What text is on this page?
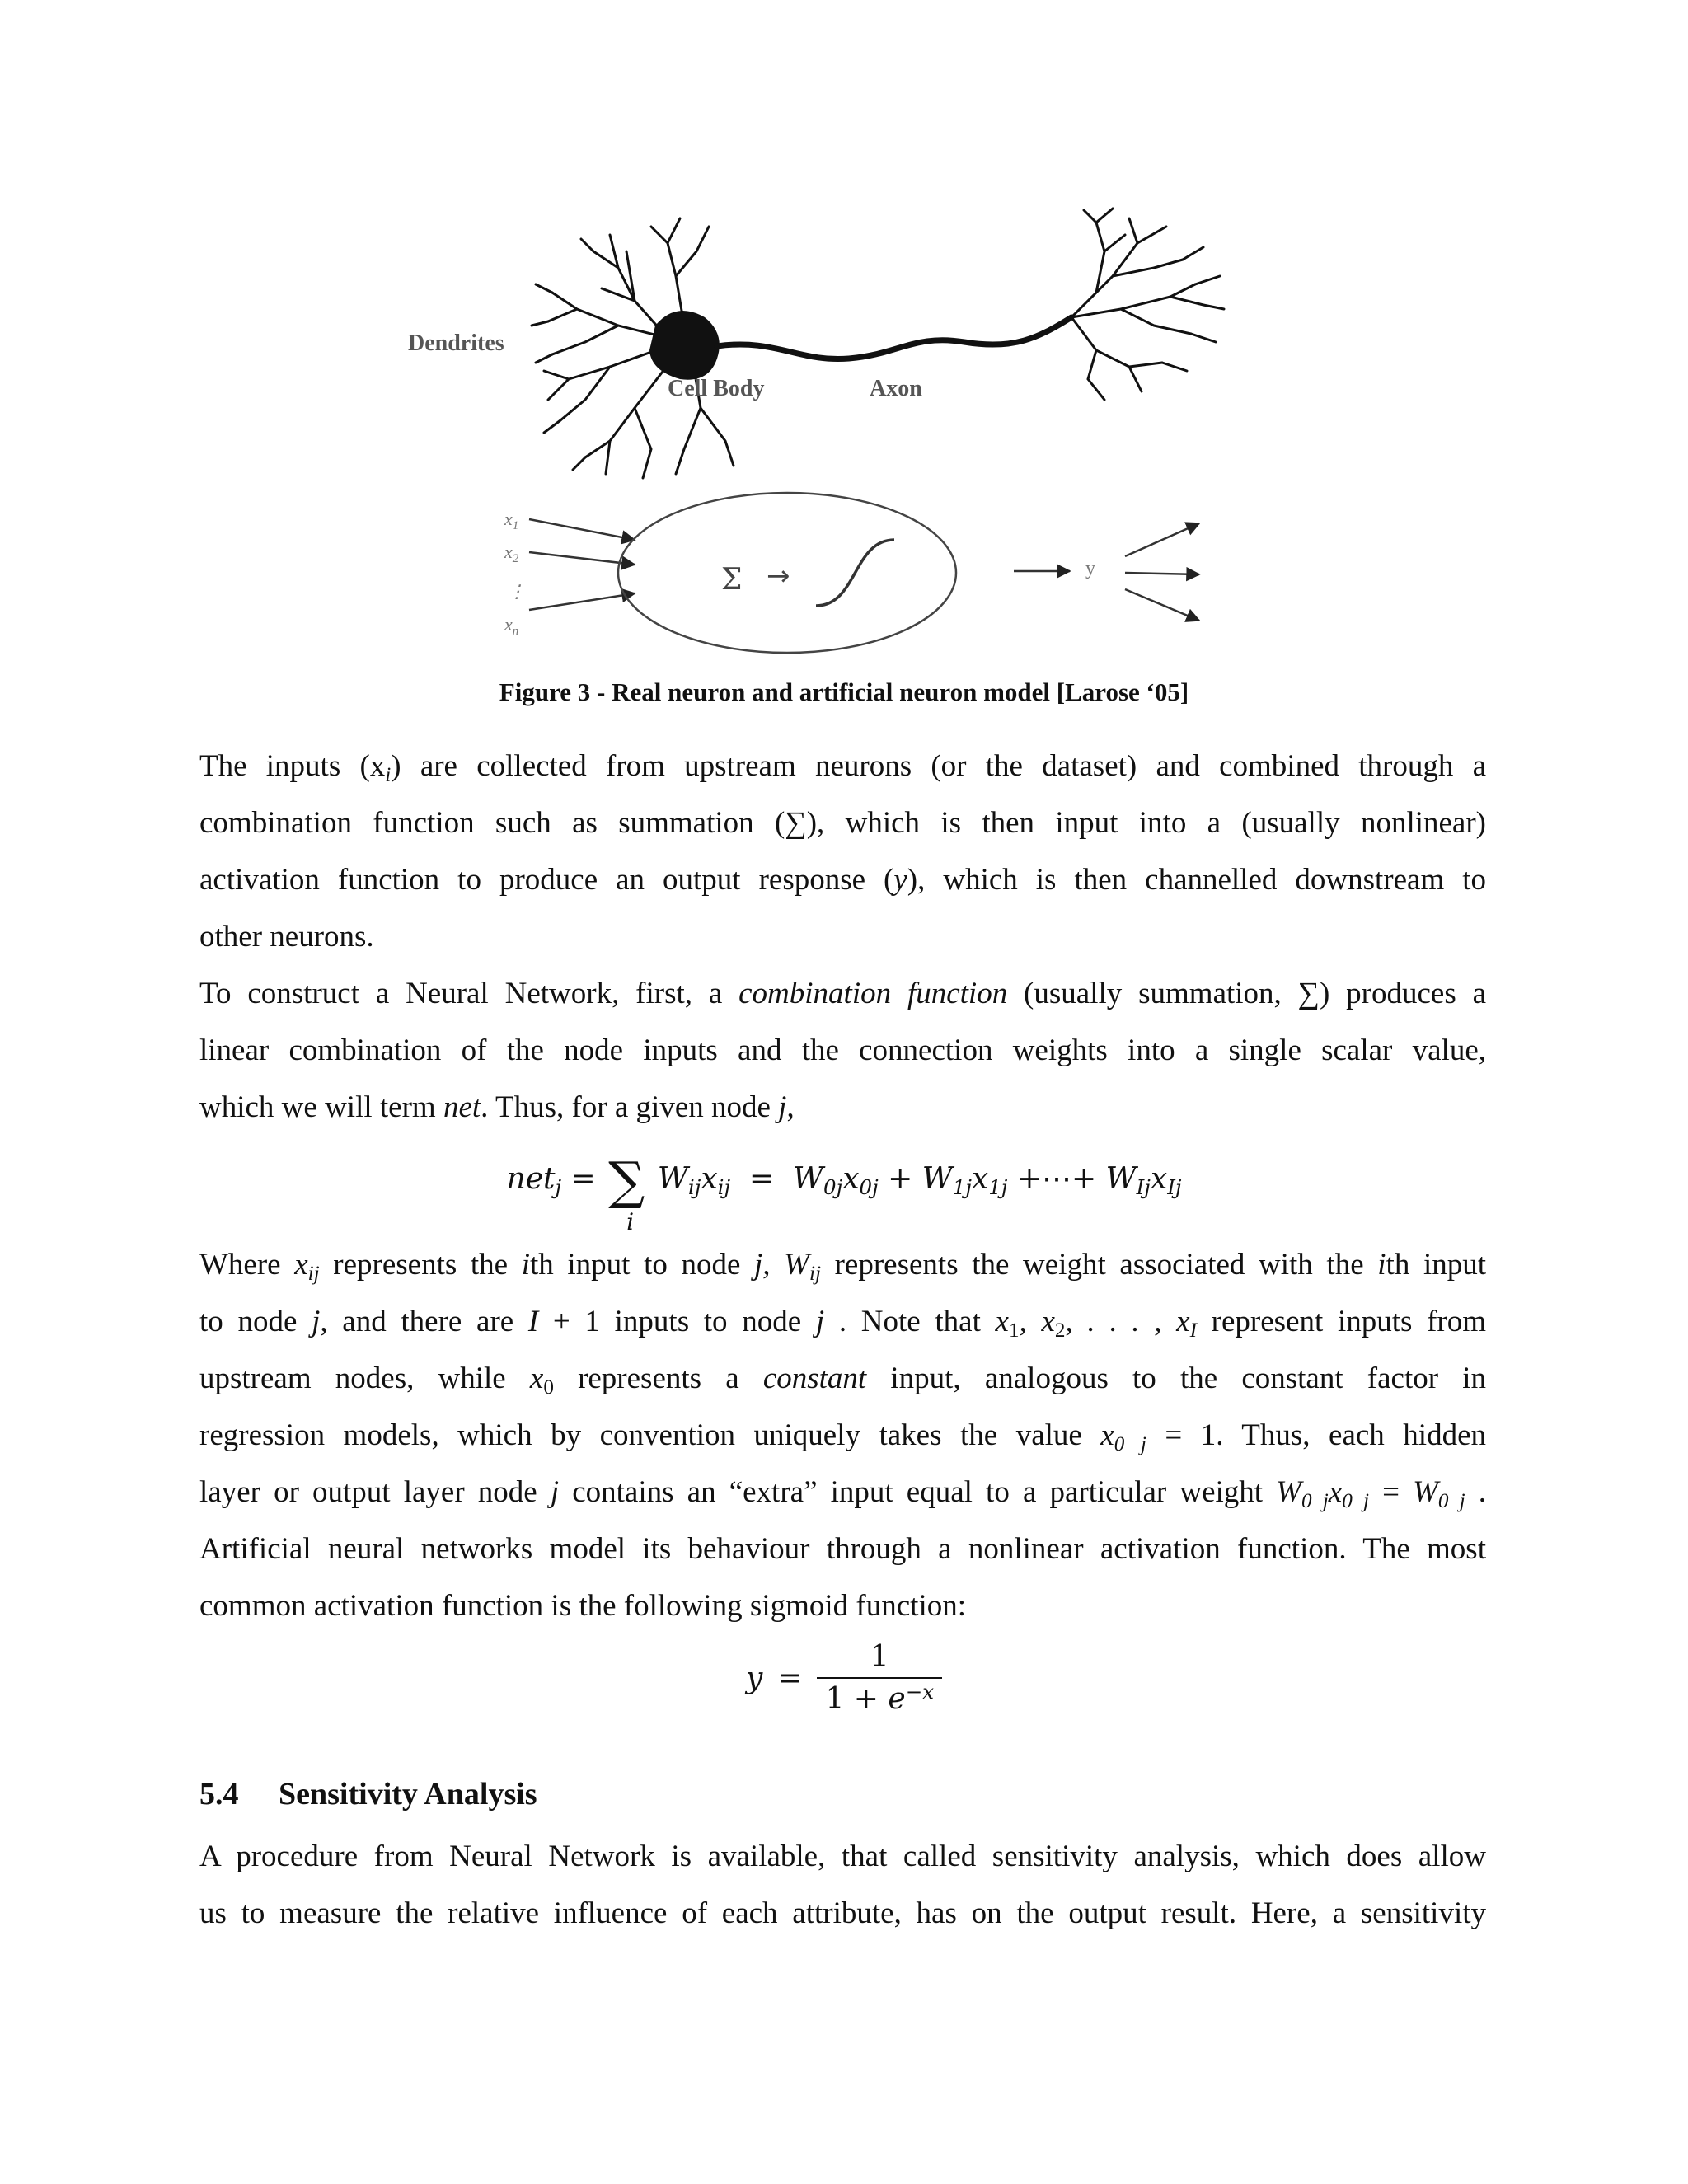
Dendrites
Cell Body	Axon
$x_1$
$x_2$
⋮
$x_n$
Σ →	y
Figure 3 - Real neuron and artificial neuron model [Larose ‘05]
The inputs $(x_i)$ are collected from upstream neurons (or the dataset) and combined through a
combination function such as summation (∑), which is then input into a (usually nonlinear)
activation function to produce an output response (y), which is then channelled downstream to
other neurons.
To construct a Neural Network, first, a combination function (usually summation, ∑) produces a
linear combination of the node inputs and the connection weights into a single scalar value,
which we will term net. Thus, for a given node j,
net$_j$ = ∑
i
$W_{ij}x_{ij} = W_{0j}x_{0j} + W_{1j}x_{1j}$ +⋯+ $W_{Ij}x_{Ij}$
Where $x_{ij}$ represents the ith input to node j, $W_{ij}$ represents the weight associated with the ith input
to node j, and there are I + 1 inputs to node j . Note that $x_1$, $x_2$, . . . , $x_I$ represent inputs from
upstream nodes, while $x_0$ represents a constant input, analogous to the constant factor in
regression models, which by convention uniquely takes the value $x_{0 j} = 1$. Thus, each hidden
layer or output layer node j contains an “extra” input equal to a particular weight $W_{0 j}x_{0 j} = W_{0 j}$ .
Artificial neural networks model its behaviour through a nonlinear activation function. The most
common activation function is the following sigmoid function:
$y = \frac{1}{1 + e^{-x}}$
5.4 Sensitivity Analysis
A procedure from Neural Network is available, that called sensitivity analysis, which does allow
us to measure the relative influence of each attribute, has on the output result. Here, a sensitivity
